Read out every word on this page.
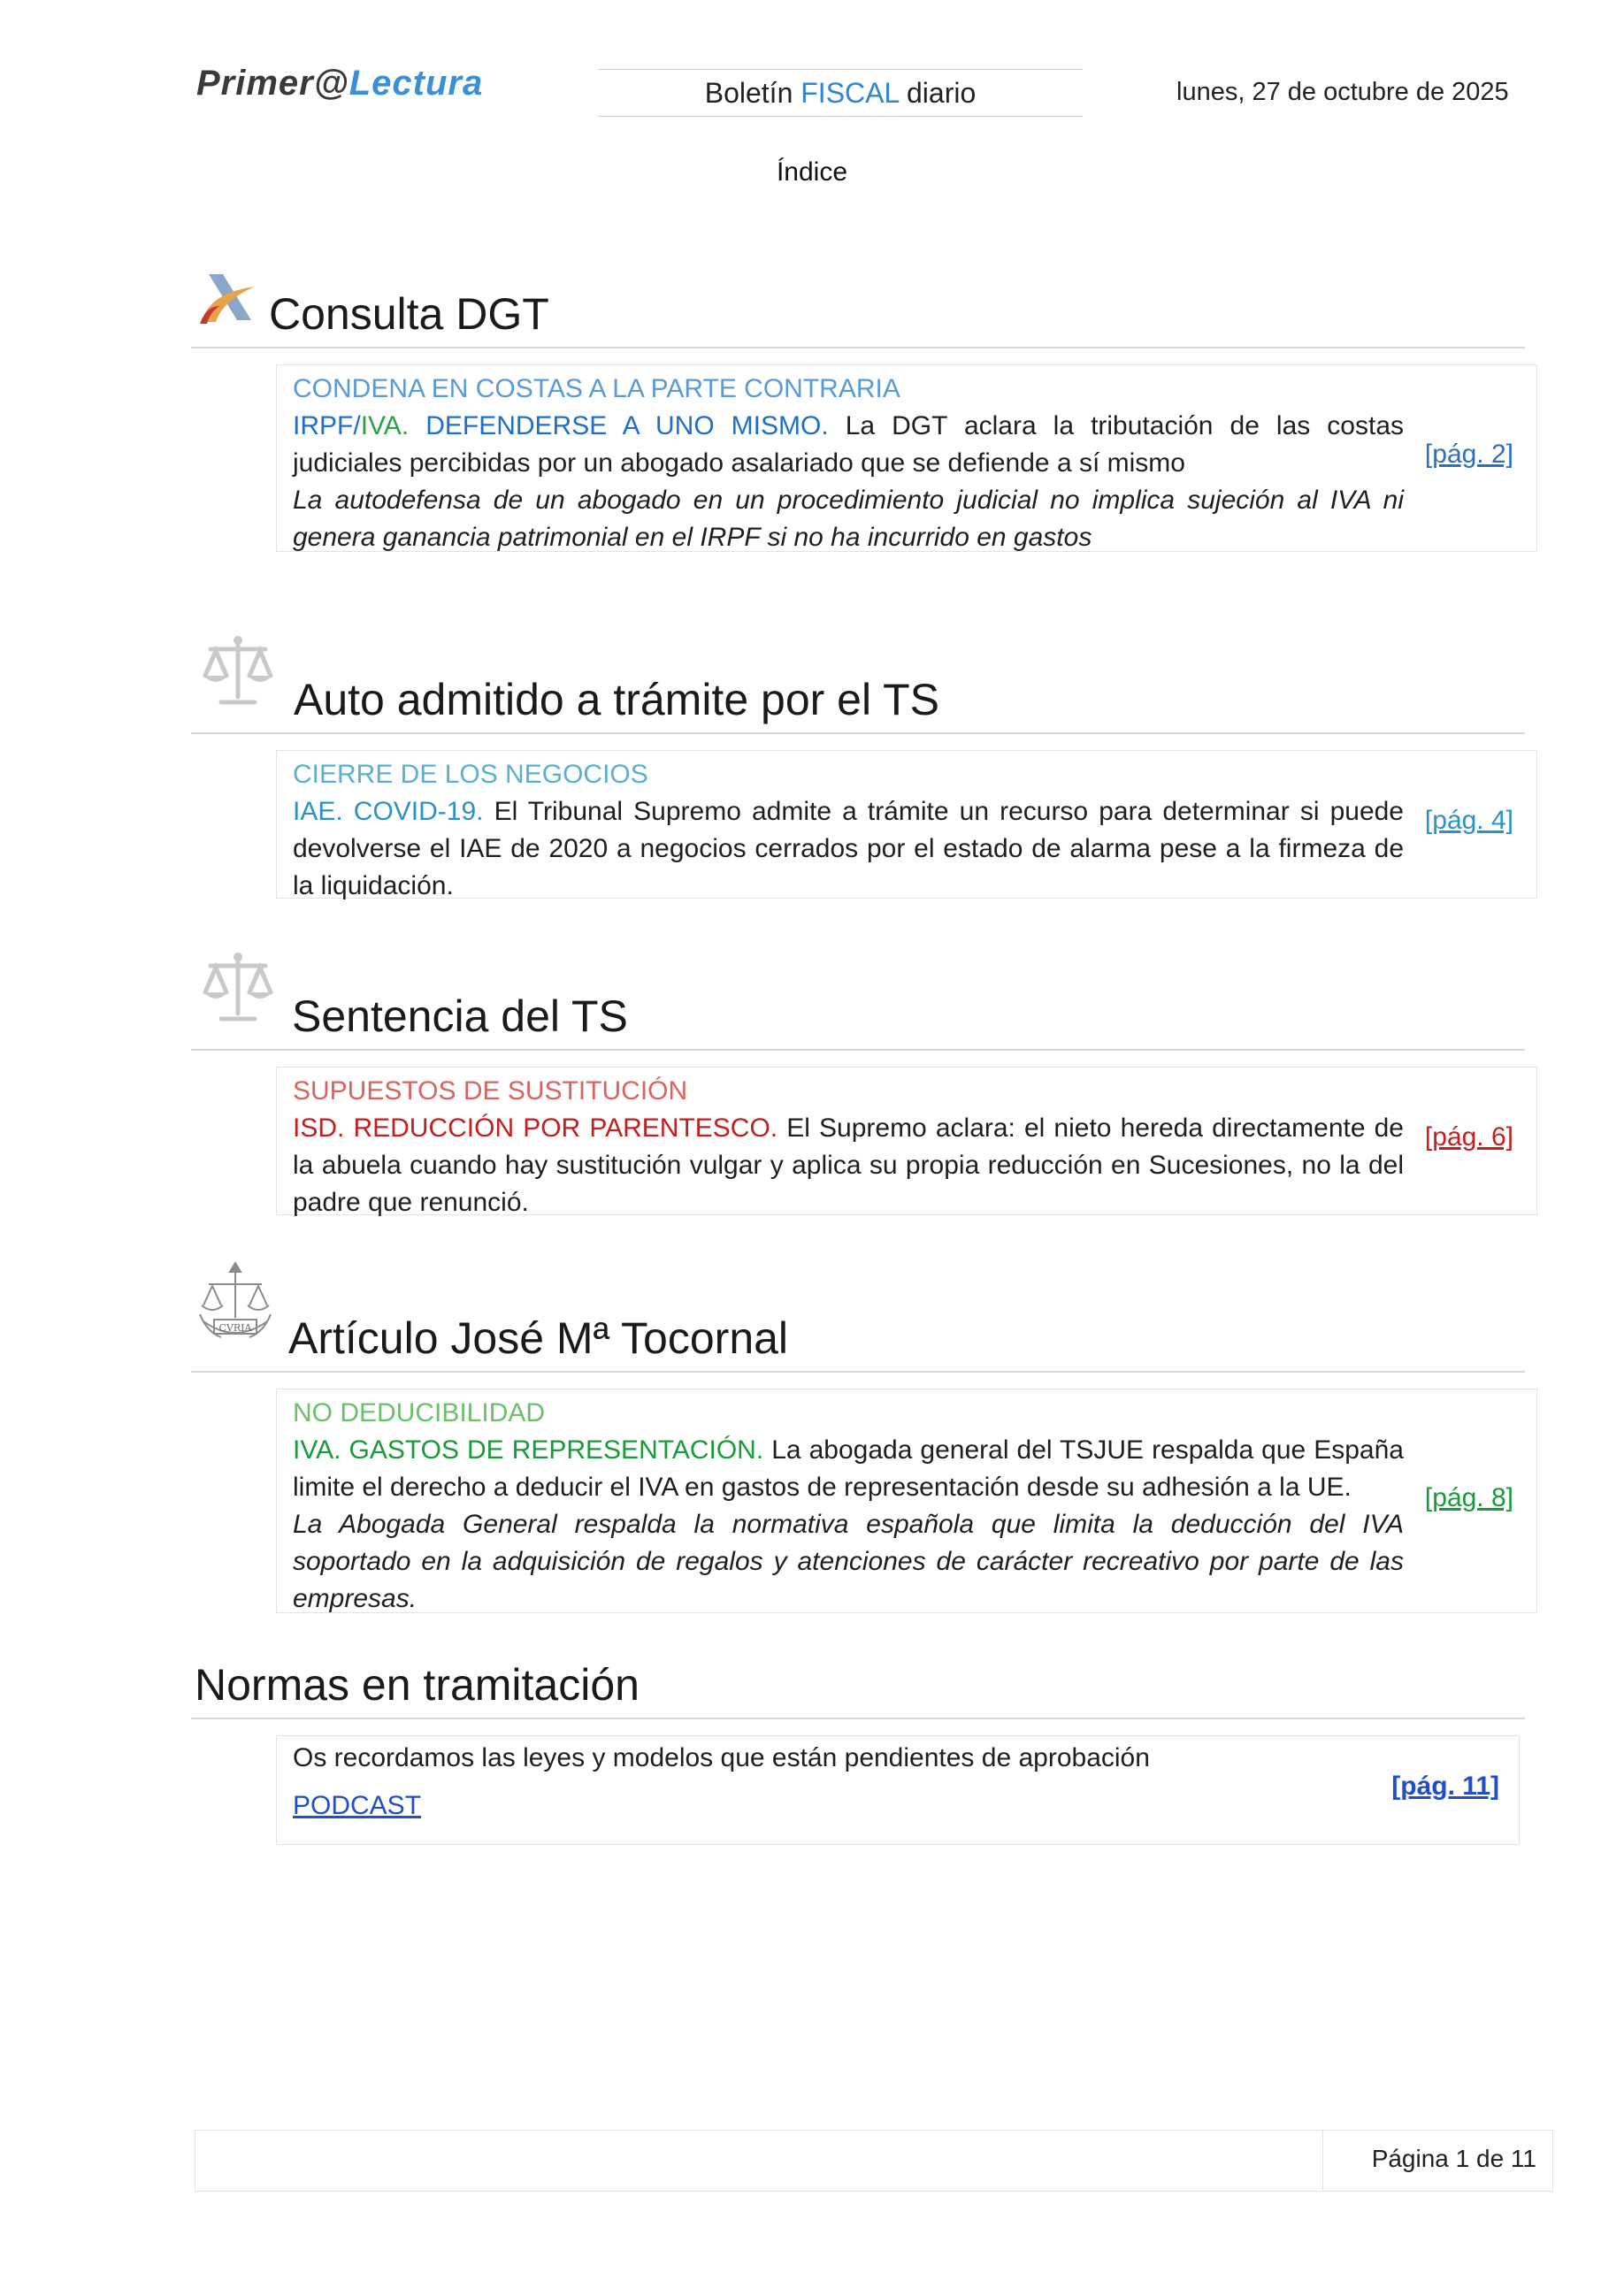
Primer@Lectura	Boletín FISCAL diario	lunes, 27 de octubre de 2025
Índice
Consulta DGT
CONDENA EN COSTAS A LA PARTE CONTRARIA
IRPF/IVA. DEFENDERSE A UNO MISMO. La DGT aclara la tributación de las costas judiciales percibidas por un abogado asalariado que se defiende a sí mismo
La autodefensa de un abogado en un procedimiento judicial no implica sujeción al IVA ni genera ganancia patrimonial en el IRPF si no ha incurrido en gastos
[pág. 2]
Auto admitido a trámite por el TS
CIERRE DE LOS NEGOCIOS
IAE. COVID-19. El Tribunal Supremo admite a trámite un recurso para determinar si puede devolverse el IAE de 2020 a negocios cerrados por el estado de alarma pese a la firmeza de la liquidación.
[pág. 4]
Sentencia del TS
SUPUESTOS DE SUSTITUCIÓN
ISD. REDUCCIÓN POR PARENTESCO. El Supremo aclara: el nieto hereda directamente de la abuela cuando hay sustitución vulgar y aplica su propia reducción en Sucesiones, no la del padre que renunció.
[pág. 6]
CVRIA Artículo José Mª Tocornal
NO DEDUCIBILIDAD
IVA. GASTOS DE REPRESENTACIÓN. La abogada general del TSJUE respalda que España limite el derecho a deducir el IVA en gastos de representación desde su adhesión a la UE.
La Abogada General respalda la normativa española que limita la deducción del IVA soportado en la adquisición de regalos y atenciones de carácter recreativo por parte de las empresas.
[pág. 8]
Normas en tramitación
Os recordamos las leyes y modelos que están pendientes de aprobación
PODCAST
[pág. 11]
Página 1 de 11
